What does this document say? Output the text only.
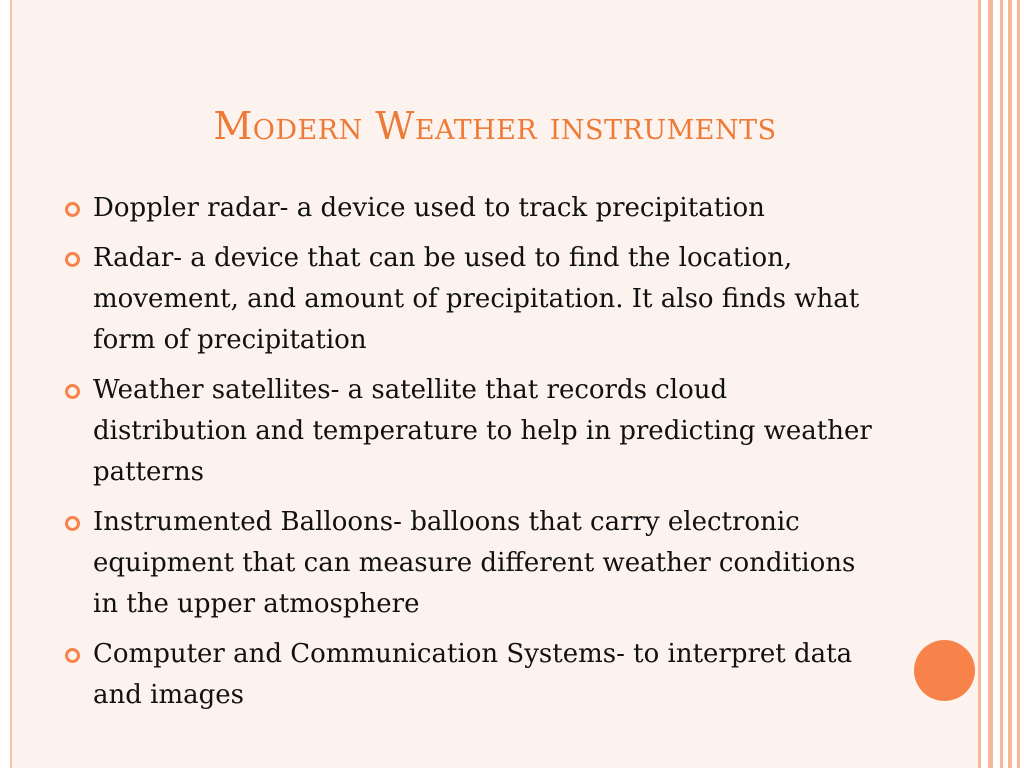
Modern Weather instruments
Doppler radar- a device used to track precipitation
Radar- a device that can be used to find the location, movement, and amount of precipitation. It also finds what form of precipitation
Weather satellites- a satellite that records cloud distribution and temperature to help in predicting weather patterns
Instrumented Balloons- balloons that carry electronic equipment that can measure different weather conditions in the upper atmosphere
Computer and Communication Systems- to interpret data and images
